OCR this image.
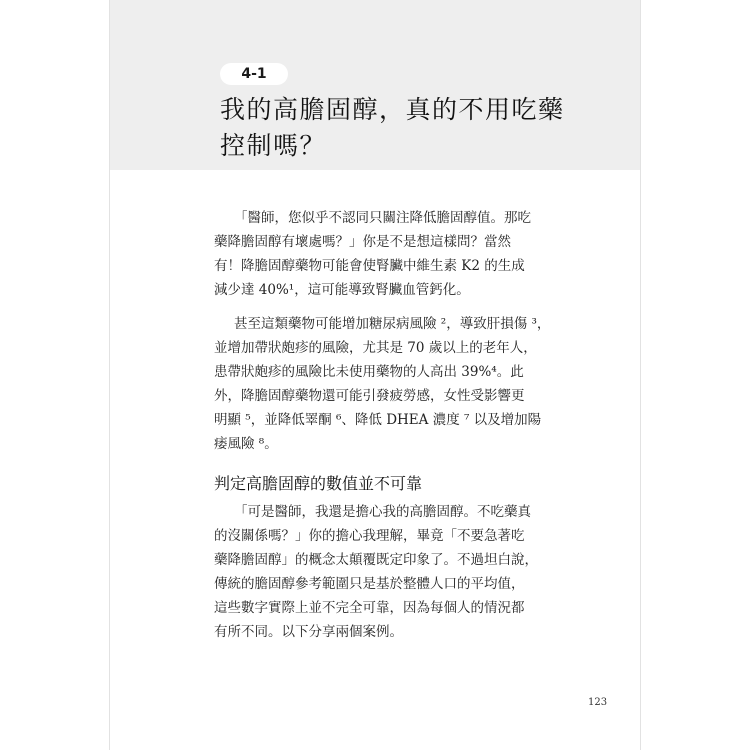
4-1
我的高膽固醇，真的不用吃藥
控制嗎？

「醫師，您似乎不認同只關注降低膽固醇值。那吃
藥降膽固醇有壞處嗎？」你是不是想這樣問？當然
有！降膽固醇藥物可能會使腎臟中維生素 K2 的生成
減少達 40%¹，這可能導致腎臟血管鈣化。

甚至這類藥物可能增加糖尿病風險 ²，導致肝損傷 ³，
並增加帶狀皰疹的風險，尤其是 70 歲以上的老年人，
患帶狀皰疹的風險比未使用藥物的人高出 39%⁴。此
外，降膽固醇藥物還可能引發疲勞感，女性受影響更
明顯 ⁵，並降低睪酮 ⁶、降低 DHEA 濃度 ⁷ 以及增加陽
痿風險 ⁸。

判定高膽固醇的數值並不可靠

「可是醫師，我還是擔心我的高膽固醇。不吃藥真
的沒關係嗎？」你的擔心我理解，畢竟「不要急著吃
藥降膽固醇」的概念太顛覆既定印象了。不過坦白說，
傳統的膽固醇參考範圍只是基於整體人口的平均值，
這些數字實際上並不完全可靠，因為每個人的情況都
有所不同。以下分享兩個案例。

123
